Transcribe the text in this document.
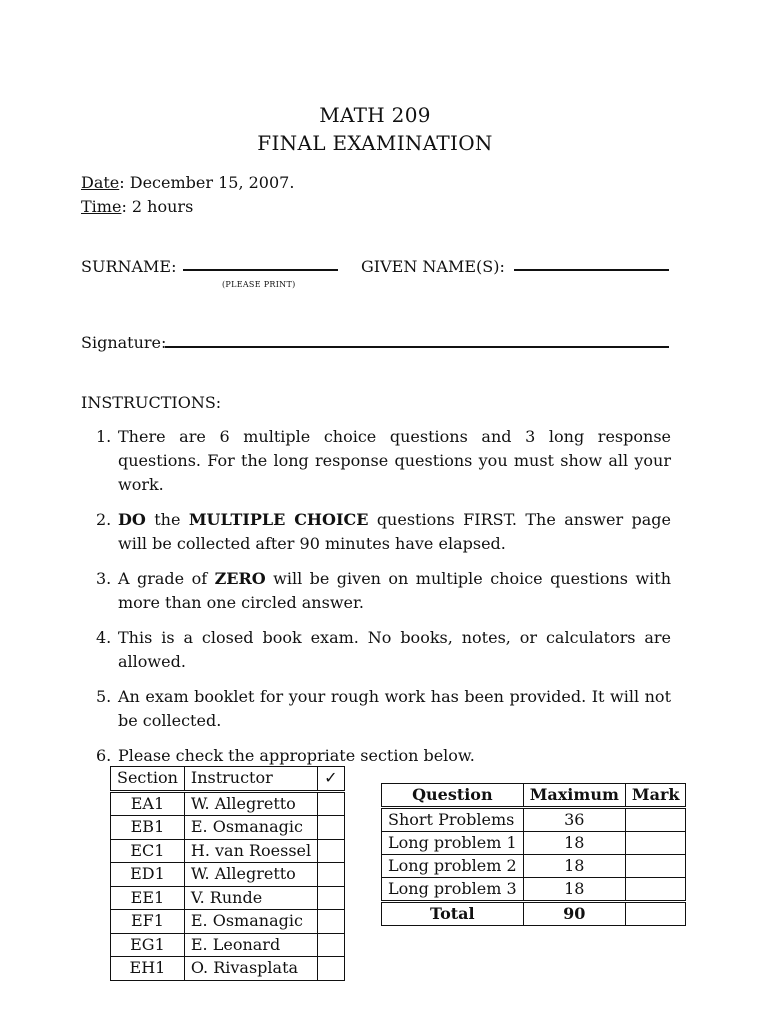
MATH 209
FINAL EXAMINATION
Date: December 15, 2007.
Time: 2 hours
SURNAME:
(PLEASE PRINT)
GIVEN NAME(S):
Signature:
INSTRUCTIONS:
1. There are 6 multiple choice questions and 3 long response questions. For the long response questions you must show all your work.
2. DO the MULTIPLE CHOICE questions FIRST. The answer page will be collected after 90 minutes have elapsed.
3. A grade of ZERO will be given on multiple choice questions with more than one circled answer.
4. This is a closed book exam. No books, notes, or calculators are allowed.
5. An exam booklet for your rough work has been provided. It will not be collected.
6. Please check the appropriate section below.
Section	Instructor	✓
EA1	W. Allegretto	
EB1	E. Osmanagic	
EC1	H. van Roessel	
ED1	W. Allegretto	
EE1	V. Runde	
EF1	E. Osmanagic	
EG1	E. Leonard	
EH1	O. Rivasplata	
Question	Maximum	Mark
Short Problems	36	
Long problem 1	18	
Long problem 2	18	
Long problem 3	18	
Total	90	
